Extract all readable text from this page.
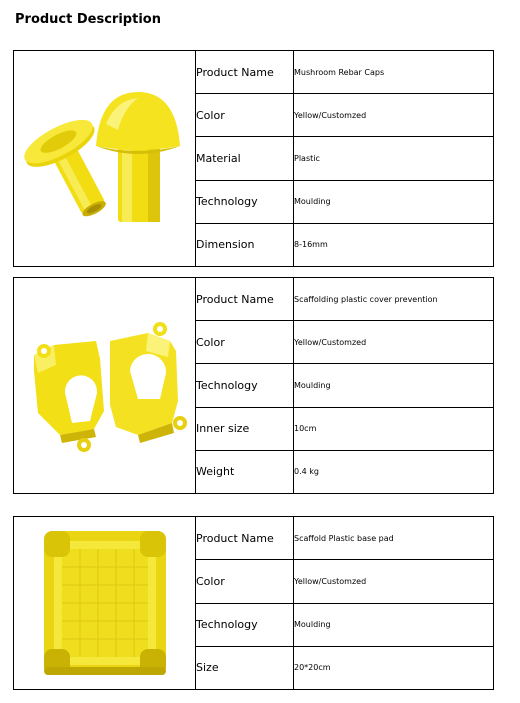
Product Description
	Product Name	Mushroom Rebar Caps
	Color	Yellow/Customzed
	Material	Plastic
	Technology	Moulding
	Dimension	8-16mm
	Product Name	Scaffolding plastic cover prevention
	Color	Yellow/Customzed
	Technology	Moulding
	Inner size	10cm
	Weight	0.4 kg
	Product Name	Scaffold Plastic base pad
	Color	Yellow/Customzed
	Technology	Moulding
	Size	20*20cm
